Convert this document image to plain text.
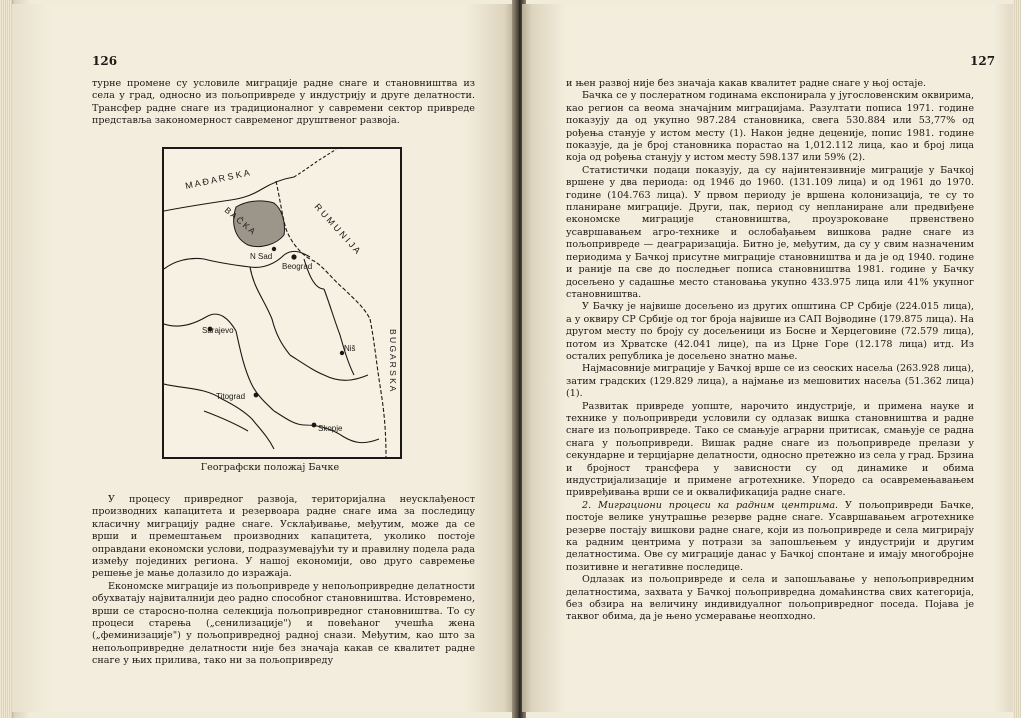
126

турне промене су условиле миграције радне снаге и становништва из села у град, односно из пољопривреде у индустрију и друге делатности. Трансфер радне снаге из традиционалног у савремени сектор привреде представља закономерност савременог друштвеног развоја.

M A Đ A R S K A
R U M U N I J A
B U G A R S K A
B A Č K A
N Sad
Beograd
Sarajevo
Niš
Titograd
Skopje
Географски положај Бачке

У процесу привредног развоја, територијална неусклађеност производних капацитета и резервоара радне снаге има за последицу класичну миграцију радне снаге. Усклађивање, међутим, може да се врши и премештањем производних капацитета, уколико постоје оправдани економски услови, подразумевајући ту и правилну подела рада између појединих региона. У нашој економији, ово друго савремење решење је мање долазило до изражаја.

Економске миграције из пољопривреде у непољопривредне делатности обухватају највиталнији део радно способног становништва. Истовремено, врши се старосно-полна селекција пољопривредног становништва. То су процеси старења („сенилизације") и повећаног учешћа жена („феминизације") у пољопривредној радној снази. Међутим, као што за непољопривредне делатности није без значаја какав се квалитет радне снаге у њих прилива, тако ни за пољопривреду

127

и њен развој није без значаја какав квалитет радне снаге у њој остаје.

Бачка се у послератном годинама експонирала у југословенским оквирима, као регион са веома значајним миграцијама. Разултати пописа 1971. године показују да од укупно 987.284 становника, свега 530.884 или 53,77% од рођења станује у истом месту (1). Након једне деценије, попис 1981. године показује, да је број становника порастао на 1,012.112 лица, као и број лица која од рођења станују у истом месту 598.137 или 59% (2).

Статистички подаци показују, да су најинтензивније миграције у Бачкој вршене у два периода: од 1946 до 1960. (131.109 лица) и од 1961 до 1970. године (104.763 лица). У првом периоду је вршена колонизација, те су то планиране миграције. Други, пак, период су непланиране али предвиђене економске миграције становништва, проузроковане првенствено усавршавањем агро-технике и ослобађањем вишкова радне снаге из пољопривреде — деаграризација. Битно је, међутим, да су у свим назначеним периодима у Бачкој присутне миграције становништва и да је од 1940. године и раније па све до последњег пописа становништва 1981. године у Бачку досељено у садашње место становања укупно 433.975 лица или 41% укупног становништва.

У Бачку је највише досељено из других општина СР Србије (224.015 лица), а у оквиру СР Србије од тог броја највише из САП Војводине (179.875 лица). На другом месту по броју су досељеници из Босне и Херцеговине (72.579 лица), потом из Хрватске (42.041 лице), па из Црне Горе (12.178 лица) итд. Из осталих република је досељено знатно мање.

Најмасовније миграције у Бачкој врше се из сеоских насеља (263.928 лица), затим градских (129.829 лица), а најмање из мешовитих насеља (51.362 лица) (1).

Развитак привреде уопште, нарочито индустрије, и примена науке и технике у пољопривреди условили су одлазак вишка становништва и радне снаге из пољопривреде. Тако се смањује аграрни притисак, смањује се радна снага у пољопривреди. Вишак радне снаге из пољопривреде прелази у секундарне и терцијарне делатности, односно претежно из села у град. Брзина и бројност трансфера у зависности су од динамике и обима индустријализације и примене агротехнике. Упоредо са осавремењавањем привређивања врши се и оквалификација радне снаге.

2. Миграциони процеси ка радним центрима. У пољопривреди Бачке, постоје велике унутрашње резерве радне снаге. Усавршавањем агротехнике резерве постају вишкови радне снаге, који из пољопривреде и села мигрирају ка радним центрима у потрази за запошљењем у индустрији и другим делатностима. Ове су миграције данас у Бачкој спонтане и имају многобројне позитивне и негативне последице.

Одлазак из пољопривреде и села и запошљавање у непољопривредним делатностима, захвата у Бачкој пољопривредна домаћинства свих категорија, без обзира на величину индивидуалног пољопривредног поседа. Појава је таквог обима, да је њено усмеравање неопходно.
